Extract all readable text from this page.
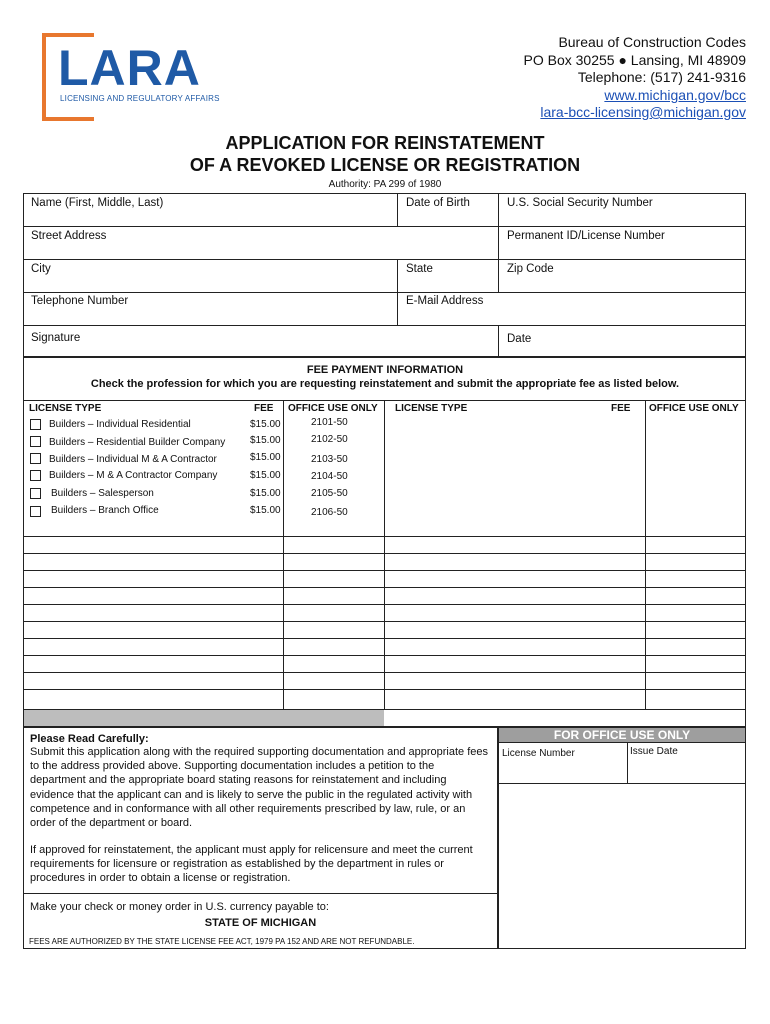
LARA
LICENSING AND REGULATORY AFFAIRS
Bureau of Construction Codes
PO Box 30255 ● Lansing, MI 48909
Telephone: (517) 241-9316
www.michigan.gov/bcc
lara-bcc-licensing@michigan.gov
APPLICATION FOR REINSTATEMENT
OF A REVOKED LICENSE OR REGISTRATION
Authority: PA 299 of 1980
Name (First, Middle, Last)	Date of Birth	U.S. Social Security Number
Street Address	Permanent ID/License Number
City	State	Zip Code
Telephone Number	E-Mail Address
Signature	Date
FEE PAYMENT INFORMATION
Check the profession for which you are requesting reinstatement and submit the appropriate fee as listed below.
LICENSE TYPE	FEE OFFICE USE ONLY LICENSE TYPE	FEE OFFICE USE ONLY
Builders – Individual Residential	$15.00	2101-50
Builders – Residential Builder Company $15.00	2102-50
Builders – Individual M & A Contractor	$15.00	2103-50
Builders – M & A Contractor Company	$15.00	2104-50
Builders – Salesperson	$15.00	2105-50
Builders – Branch Office	$15.00	2106-50
Please Read Carefully:
Submit this application along with the required supporting documentation and appropriate fees to the address provided above. Supporting documentation includes a petition to the department and the appropriate board stating reasons for reinstatement and including evidence that the applicant can and is likely to serve the public in the regulated activity with competence and in conformance with all other requirements prescribed by law, rule, or an order of the department or board.
If approved for reinstatement, the applicant must apply for relicensure and meet the current requirements for licensure or registration as established by the department in rules or procedures in order to obtain a license or registration.
Make your check or money order in U.S. currency payable to:
STATE OF MICHIGAN
FEES ARE AUTHORIZED BY THE STATE LICENSE FEE ACT, 1979 PA 152 AND ARE NOT REFUNDABLE.
FOR OFFICE USE ONLY
License Number	Issue Date
